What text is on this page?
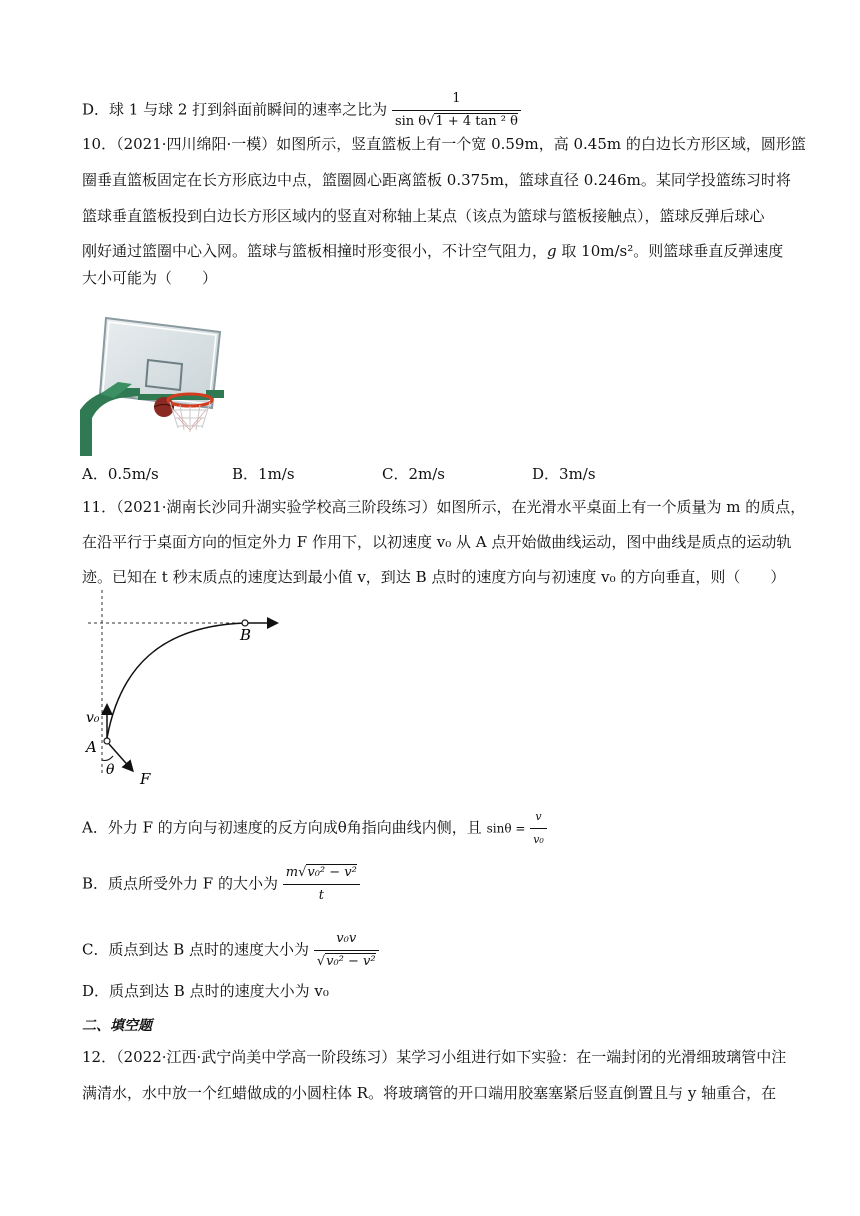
D．球 1 与球 2 打到斜面前瞬间的速率之比为 $\frac{1}{\text{sin θ√1 + 4 tan ² θ}}$
10．（2021·四川绵阳·一模）如图所示，竖直篮板上有一个宽 0.59m，高 0.45m 的白边长方形区域，圆形篮
圈垂直篮板固定在长方形底边中点，篮圈圆心距离篮板 0.375m，篮球直径 0.246m。某同学投篮练习时将
篮球垂直篮板投到白边长方形区域内的竖直对称轴上某点（该点为篮球与篮板接触点），篮球反弹后球心
刚好通过篮圈中心入网。篮球与篮板相撞时形变很小，不计空气阻力，g 取 10m/s²。则篮球垂直反弹速度
大小可能为（　　）
A．0.5m/s	B．1m/s	C．2m/s	D．3m/s
11．（2021·湖南长沙同升湖实验学校高三阶段练习）如图所示，在光滑水平桌面上有一个质量为 m 的质点，
在沿平行于桌面方向的恒定外力 F 作用下，以初速度 v₀ 从 A 点开始做曲线运动，图中曲线是质点的运动轨
迹。已知在 t 秒末质点的速度达到最小值 v，到达 B 点时的速度方向与初速度 v₀ 的方向垂直，则（　　）
B
v₀
A
θ F
A．外力 F 的方向与初速度的反方向成θ角指向曲线内侧，且 $\sin\theta = \frac{v}{\text{v₀}}$
B．质点所受外力 F 的大小为 $\frac{\text{m√v₀² − v²}}{t}$
C．质点到达 B 点时的速度大小为 $\frac{\text{v₀v}}{\text{√v₀² − v²}}$
D．质点到达 B 点时的速度大小为 v₀
二、填空题
12．（2022·江西·武宁尚美中学高一阶段练习）某学习小组进行如下实验：在一端封闭的光滑细玻璃管中注
满清水，水中放一个红蜡做成的小圆柱体 R。将玻璃管的开口端用胶塞塞紧后竖直倒置且与 y 轴重合，在
